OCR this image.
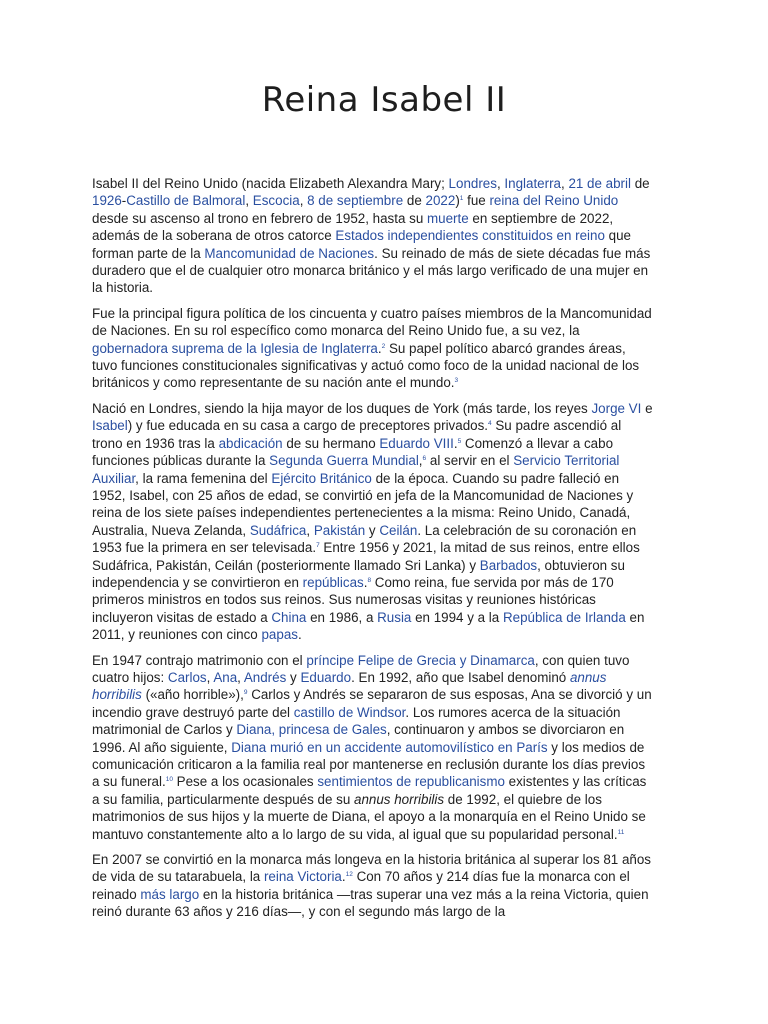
Reina Isabel II

Isabel II del Reino Unido (nacida Elizabeth Alexandra Mary; Londres, Inglaterra, 21 de abril de 1926-Castillo de Balmoral, Escocia, 8 de septiembre de 2022)$^1$ fue reina del Reino Unido desde su ascenso al trono en febrero de 1952, hasta su muerte en septiembre de 2022, además de la soberana de otros catorce Estados independientes constituidos en reino que forman parte de la Mancomunidad de Naciones. Su reinado de más de siete décadas fue más duradero que el de cualquier otro monarca británico y el más largo verificado de una mujer en la historia.

Fue la principal figura política de los cincuenta y cuatro países miembros de la Mancomunidad de Naciones. En su rol específico como monarca del Reino Unido fue, a su vez, la gobernadora suprema de la Iglesia de Inglaterra.$^2$ Su papel político abarcó grandes áreas, tuvo funciones constitucionales significativas y actuó como foco de la unidad nacional de los británicos y como representante de su nación ante el mundo.$^3$

Nació en Londres, siendo la hija mayor de los duques de York (más tarde, los reyes Jorge VI e Isabel) y fue educada en su casa a cargo de preceptores privados.$^4$ Su padre ascendió al trono en 1936 tras la abdicación de su hermano Eduardo VIII.$^5$ Comenzó a llevar a cabo funciones públicas durante la Segunda Guerra Mundial,$^6$ al servir en el Servicio Territorial Auxiliar, la rama femenina del Ejército Británico de la época. Cuando su padre falleció en 1952, Isabel, con 25 años de edad, se convirtió en jefa de la Mancomunidad de Naciones y reina de los siete países independientes pertenecientes a la misma: Reino Unido, Canadá, Australia, Nueva Zelanda, Sudáfrica, Pakistán y Ceilán. La celebración de su coronación en 1953 fue la primera en ser televisada.$^7$ Entre 1956 y 2021, la mitad de sus reinos, entre ellos Sudáfrica, Pakistán, Ceilán (posteriormente llamado Sri Lanka) y Barbados, obtuvieron su independencia y se convirtieron en repúblicas.$^8$ Como reina, fue servida por más de 170 primeros ministros en todos sus reinos. Sus numerosas visitas y reuniones históricas incluyeron visitas de estado a China en 1986, a Rusia en 1994 y a la República de Irlanda en 2011, y reuniones con cinco papas.

En 1947 contrajo matrimonio con el príncipe Felipe de Grecia y Dinamarca, con quien tuvo cuatro hijos: Carlos, Ana, Andrés y Eduardo. En 1992, año que Isabel denominó annus horribilis («año horrible»),$^9$ Carlos y Andrés se separaron de sus esposas, Ana se divorció y un incendio grave destruyó parte del castillo de Windsor. Los rumores acerca de la situación matrimonial de Carlos y Diana, princesa de Gales, continuaron y ambos se divorciaron en 1996. Al año siguiente, Diana murió en un accidente automovilístico en París y los medios de comunicación criticaron a la familia real por mantenerse en reclusión durante los días previos a su funeral.$^{10}$ Pese a los ocasionales sentimientos de republicanismo existentes y las críticas a su familia, particularmente después de su annus horribilis de 1992, el quiebre de los matrimonios de sus hijos y la muerte de Diana, el apoyo a la monarquía en el Reino Unido se mantuvo constantemente alto a lo largo de su vida, al igual que su popularidad personal.$^{11}$

En 2007 se convirtió en la monarca más longeva en la historia británica al superar los 81 años de vida de su tatarabuela, la reina Victoria.$^{12}$ Con 70 años y 214 días fue la monarca con el reinado más largo en la historia británica —tras superar una vez más a la reina Victoria, quien reinó durante 63 años y 216 días—, y con el segundo más largo de la
